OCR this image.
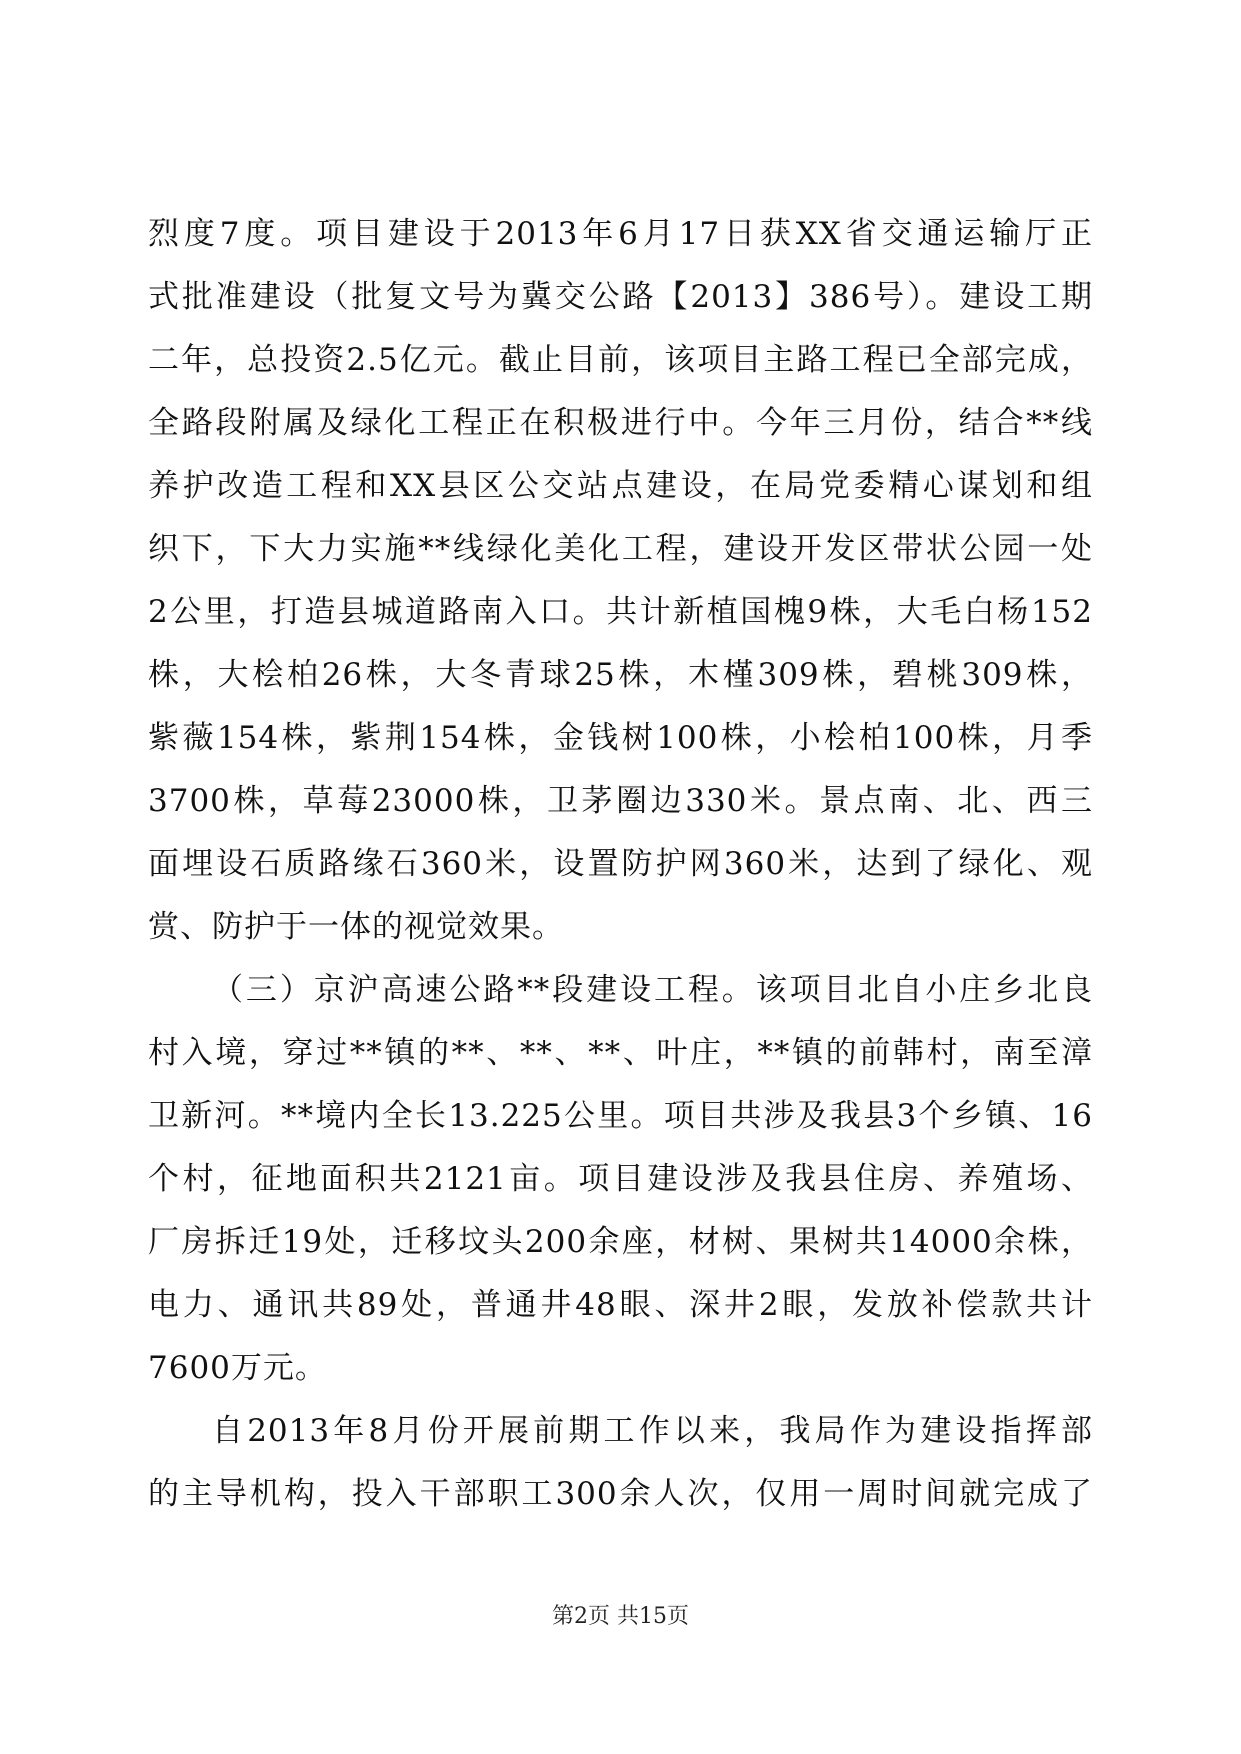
烈度7度。项目建设于2013年6月17日获XX省交通运输厅正
式批准建设（批复文号为冀交公路【2013】386号）。建设工期
二年，总投资2.5亿元。截止目前，该项目主路工程已全部完成，
全路段附属及绿化工程正在积极进行中。今年三月份，结合**线
养护改造工程和XX县区公交站点建设，在局党委精心谋划和组
织下，下大力实施**线绿化美化工程，建设开发区带状公园一处
2公里，打造县城道路南入口。共计新植国槐9株，大毛白杨152
株，大桧柏26株，大冬青球25株，木槿309株，碧桃309株，
紫薇154株，紫荆154株，金钱树100株，小桧柏100株，月季
3700株，草莓23000株，卫茅圈边330米。景点南、北、西三
面埋设石质路缘石360米，设置防护网360米，达到了绿化、观
赏、防护于一体的视觉效果。
（三）京沪高速公路**段建设工程。该项目北自小庄乡北良
村入境，穿过**镇的**、**、**、叶庄，**镇的前韩村，南至漳
卫新河。**境内全长13.225公里。项目共涉及我县3个乡镇、16
个村，征地面积共2121亩。项目建设涉及我县住房、养殖场、
厂房拆迁19处，迁移坟头200余座，材树、果树共14000余株，
电力、通讯共89处，普通井48眼、深井2眼，发放补偿款共计
7600万元。
自2013年8月份开展前期工作以来，我局作为建设指挥部
的主导机构，投入干部职工300余人次，仅用一周时间就完成了
第2页 共15页
